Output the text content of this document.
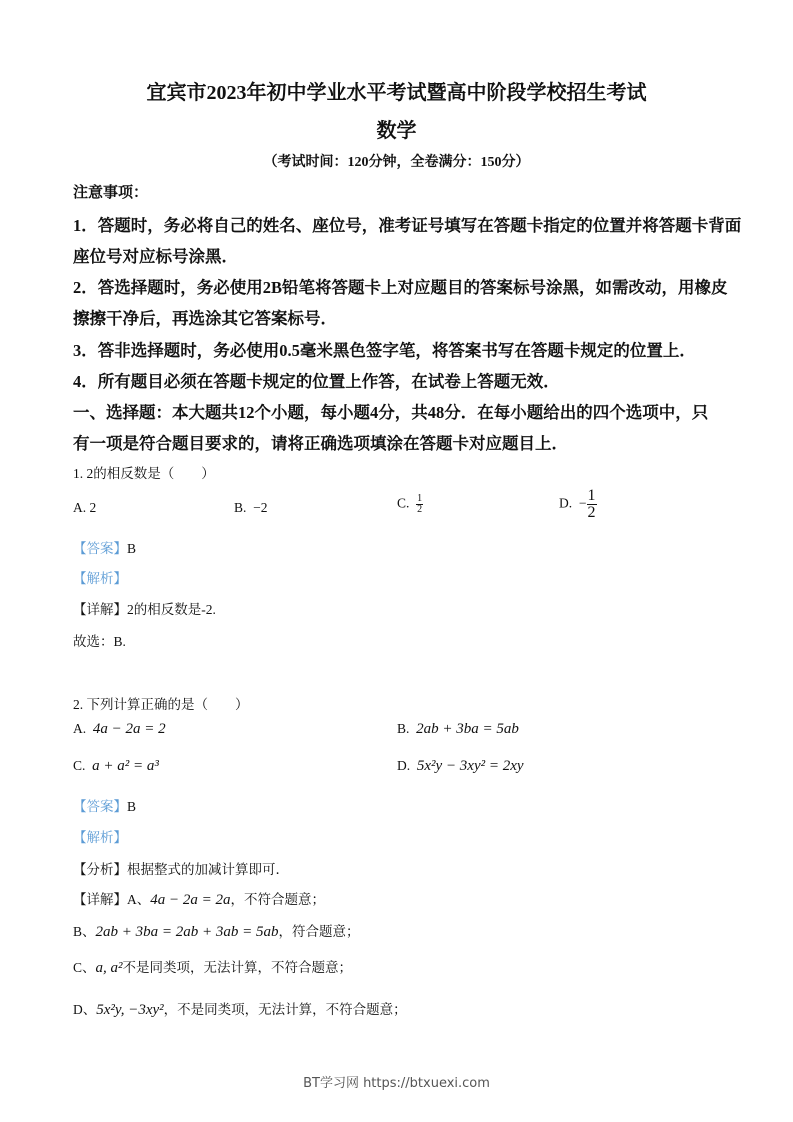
宜宾市2023年初中学业水平考试暨高中阶段学校招生考试
数学
（考试时间：120分钟，全卷满分：150分）
注意事项：
1．答题时，务必将自己的姓名、座位号，准考证号填写在答题卡指定的位置并将答题卡背面
座位号对应标号涂黑．
2．答选择题时，务必使用2B铅笔将答题卡上对应题目的答案标号涂黑，如需改动，用橡皮
擦擦干净后，再选涂其它答案标号．
3．答非选择题时，务必使用0.5毫米黑色签字笔，将答案书写在答题卡规定的位置上．
4．所有题目必须在答题卡规定的位置上作答，在试卷上答题无效．
一、选择题：本大题共12个小题，每小题4分，共48分．在每小题给出的四个选项中，只
有一项是符合题目要求的，请将正确选项填涂在答题卡对应题目上．
1. 2的相反数是（　　）
A. 2	B. −2	C. $\frac{1}{2}$	D. − $\frac{1}{2}$
【答案】B
【解析】
【详解】2的相反数是-2.
故选：B.
2. 下列计算正确的是（　　）
A. 4a − 2a = 2	B. 2ab + 3ba = 5ab
C. a + a² = a³	D. 5x²y − 3xy² = 2xy
【答案】B
【解析】
【分析】根据整式的加减计算即可．
【详解】A、4a − 2a = 2a，不符合题意；
B、2ab + 3ba = 2ab + 3ab = 5ab，符合题意；
C、a, a²不是同类项，无法计算，不符合题意；
D、5x²y, −3xy²，不是同类项，无法计算，不符合题意；
BT学习网 https://btxuexi.com
